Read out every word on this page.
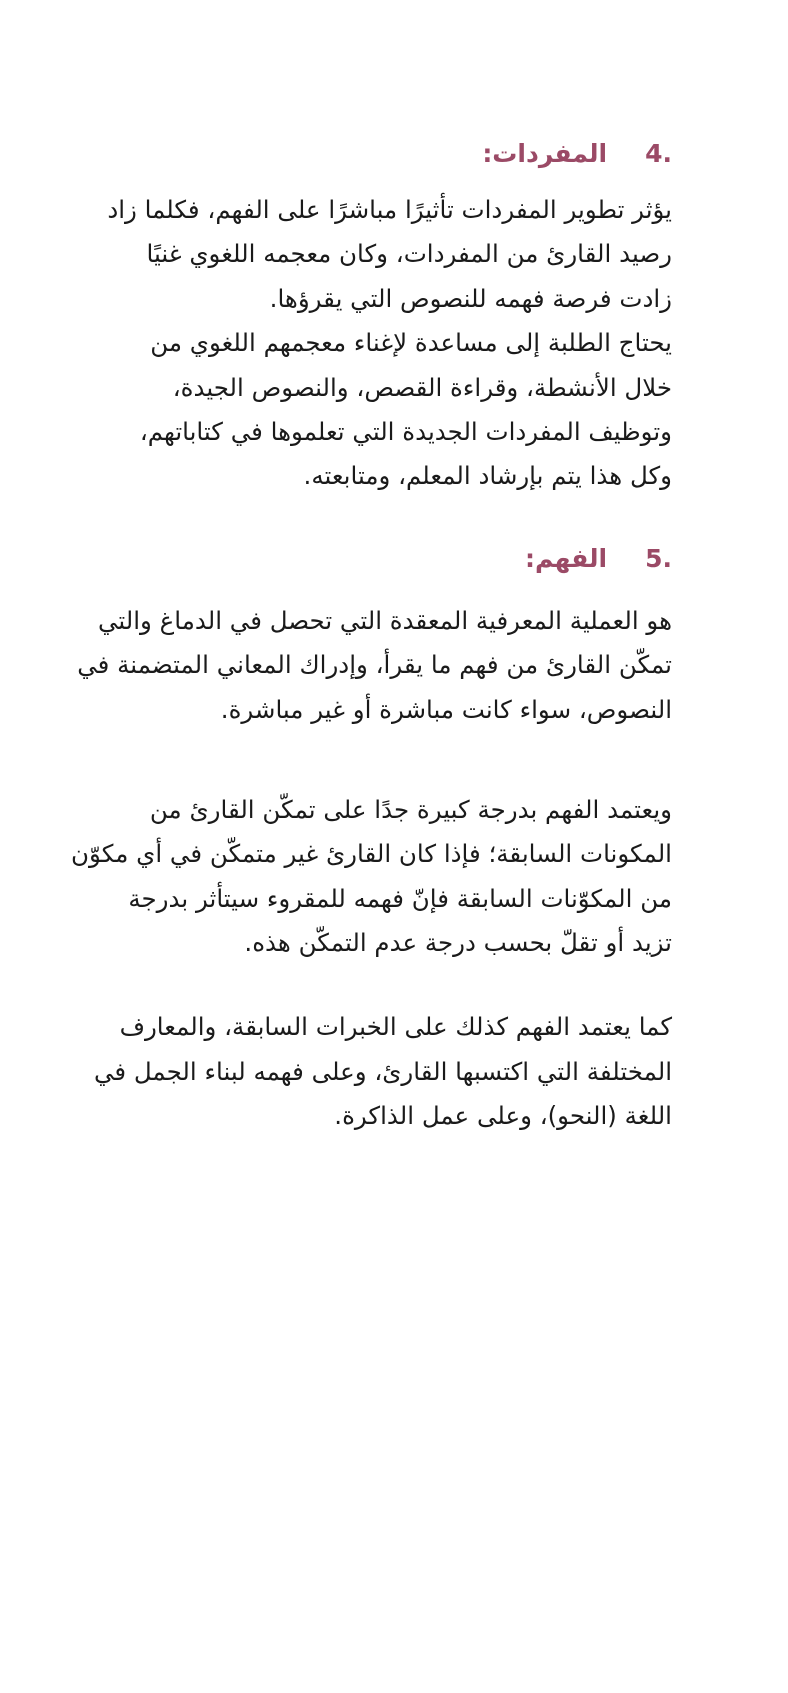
4.
المفردات:

يؤثر تطوير المفردات تأثيرًا مباشرًا على الفهم، فكلما زاد
رصيد القارئ من المفردات، وكان معجمه اللغوي غنيًا
زادت فرصة فهمه للنصوص التي يقرؤها.
يحتاج الطلبة إلى مساعدة لإغناء معجمهم اللغوي من
خلال الأنشطة، وقراءة القصص، والنصوص الجيدة،
وتوظيف المفردات الجديدة التي تعلموها في كتاباتهم،
وكل هذا يتم بإرشاد المعلم، ومتابعته.

5.
الفهم:

هو العملية المعرفية المعقدة التي تحصل في الدماغ والتي
تمكّن القارئ من فهم ما يقرأ، وإدراك المعاني المتضمنة في
النصوص، سواء كانت مباشرة أو غير مباشرة.

ويعتمد الفهم بدرجة كبيرة جدًا على تمكّن القارئ من
المكونات السابقة؛ فإذا كان القارئ غير متمكّن في أي مكوّن
من المكوّنات السابقة فإنّ فهمه للمقروء سيتأثر بدرجة
تزيد أو تقلّ بحسب درجة عدم التمكّن هذه.

كما يعتمد الفهم كذلك على الخبرات السابقة، والمعارف
المختلفة التي اكتسبها القارئ، وعلى فهمه لبناء الجمل في
اللغة (النحو)، وعلى عمل الذاكرة.
